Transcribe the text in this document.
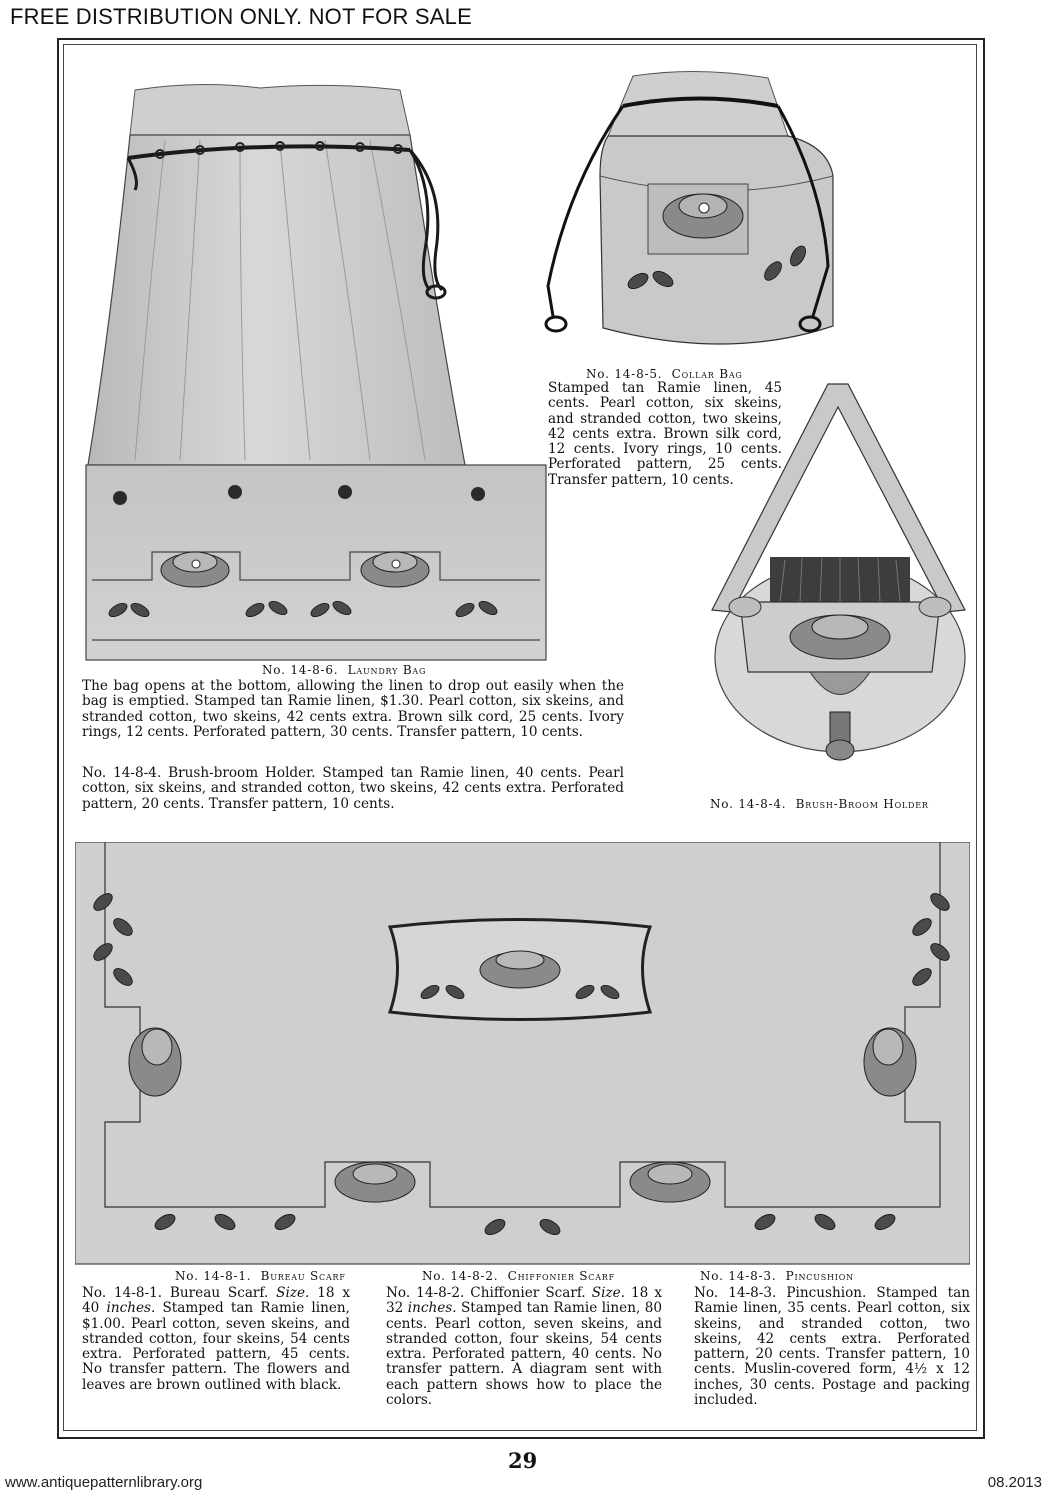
FREE DISTRIBUTION ONLY. NOT FOR SALE
No. 14-8-5. Collar Bag
Stamped tan Ramie linen, 45 cents. Pearl cotton, six skeins, and stranded cotton, two skeins, 42 cents extra. Brown silk cord, 12 cents. Ivory rings, 10 cents. Perforated pattern, 25 cents. Transfer pattern, 10 cents.
No. 14-8-6. Laundry Bag
The bag opens at the bottom, allowing the linen to drop out easily when the bag is emptied. Stamped tan Ramie linen, $1.30. Pearl cotton, six skeins, and stranded cotton, two skeins, 42 cents extra. Brown silk cord, 25 cents. Ivory rings, 12 cents. Perforated pattern, 30 cents. Transfer pattern, 10 cents.
No. 14-8-4. Brush-broom Holder. Stamped tan Ramie linen, 40 cents. Pearl cotton, six skeins, and stranded cotton, two skeins, 42 cents extra. Perforated pattern, 20 cents. Transfer pattern, 10 cents.	No. 14-8-4. Brush-Broom Holder
No. 14-8-1. Bureau Scarf	No. 14-8-2. Chiffonier Scarf	No. 14-8-3. Pincushion
No. 14-8-1. Bureau Scarf. Size. 18 x 40 inches. Stamped tan Ramie linen, $1.00. Pearl cotton, seven skeins, and stranded cotton, four skeins, 54 cents extra. Perforated pattern, 45 cents. No transfer pattern. The flowers and leaves are brown outlined with black.
No. 14-8-2. Chiffonier Scarf. Size. 18 x 32 inches. Stamped tan Ramie linen, 80 cents. Pearl cotton, seven skeins, and stranded cotton, four skeins, 54 cents extra. Perforated pattern, 40 cents. No transfer pattern. A diagram sent with each pattern shows how to place the colors.
No. 14-8-3. Pincushion. Stamped tan Ramie linen, 35 cents. Pearl cotton, six skeins, and stranded cotton, two skeins, 42 cents extra. Perforated pattern, 20 cents. Transfer pattern, 10 cents. Muslin-covered form, 4½ x 12 inches, 30 cents. Postage and packing included.
29
www.antiquepatternlibrary.org	08.2013
